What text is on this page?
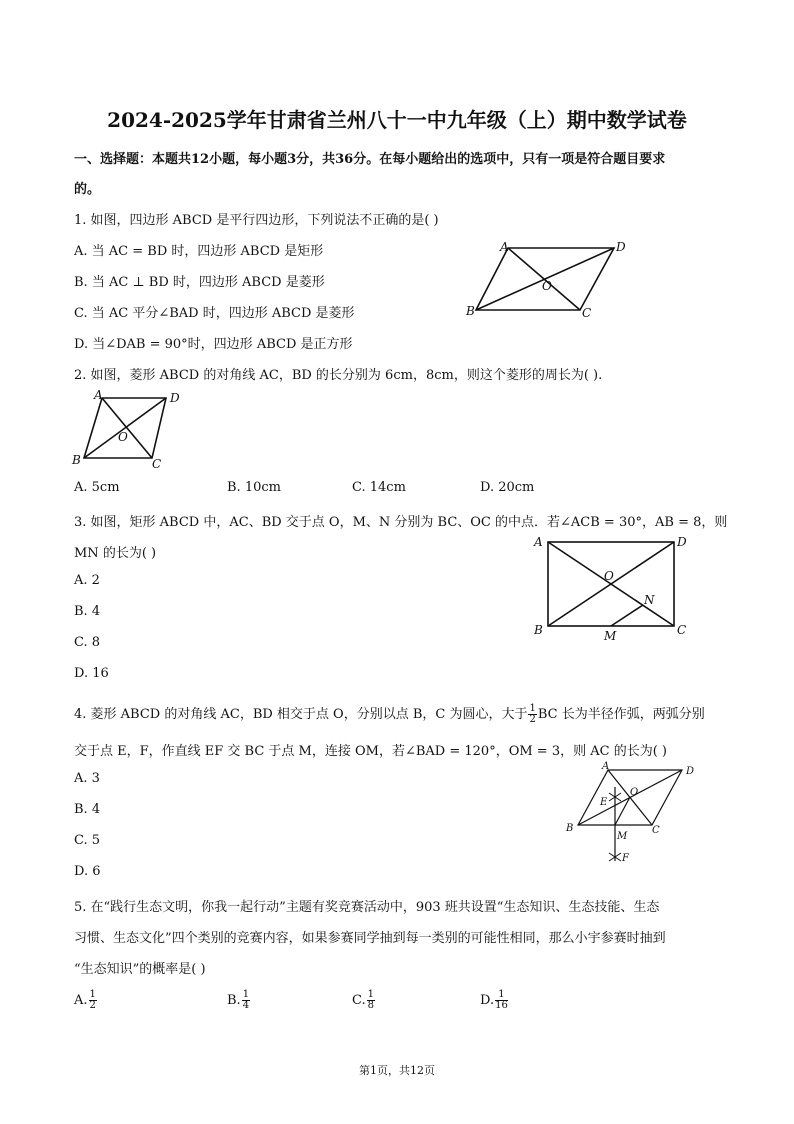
2024-2025学年甘肃省兰州八十一中九年级（上）期中数学试卷
一、选择题：本题共12小题，每小题3分，共36分。在每小题给出的选项中，只有一项是符合题目要求
的。
1. 如图，四边形 ABCD 是平行四边形，下列说法不正确的是( )
A. 当 AC = BD 时，四边形 ABCD 是矩形
B. 当 AC ⊥ BD 时，四边形 ABCD 是菱形
C. 当 AC 平分∠BAD 时，四边形 ABCD 是菱形
D. 当∠DAB = 90°时，四边形 ABCD 是正方形
A	D
B	C
O
2. 如图，菱形 ABCD 的对角线 AC，BD 的长分别为 6cm，8cm，则这个菱形的周长为( ).
A	D
B	C
O
A. 5cm	B. 10cm	C. 14cm	D. 20cm
3. 如图，矩形 ABCD 中，AC、BD 交于点 O，M、N 分别为 BC、OC 的中点．若∠ACB = 30°，AB = 8，则
MN 的长为( )
A. 2
B. 4
C. 8
D. 16
A	D
B	C
O
N
M
4. 菱形 ABCD 的对角线 AC，BD 相交于点 O，分别以点 B，C 为圆心，大于 $\frac{1}{2}$ BC 长为半径作弧，两弧分别
交于点 E，F，作直线 EF 交 BC 于点 M，连接 OM，若∠BAD = 120°，OM = 3，则 AC 的长为( )
A. 3
B. 4
C. 5
D. 6
A	D
B	C
O
E
M
F
5. 在“践行生态文明，你我一起行动”主题有奖竞赛活动中，903 班共设置“生态知识、生态技能、生态
习惯、生态文化”四个类别的竞赛内容，如果参赛同学抽到每一类别的可能性相同，那么小宇参赛时抽到
“生态知识”的概率是( )
A. $\frac{1}{2}$	B. $\frac{1}{4}$	C. $\frac{1}{8}$	D. $\frac{1}{16}$
第1页，共12页
